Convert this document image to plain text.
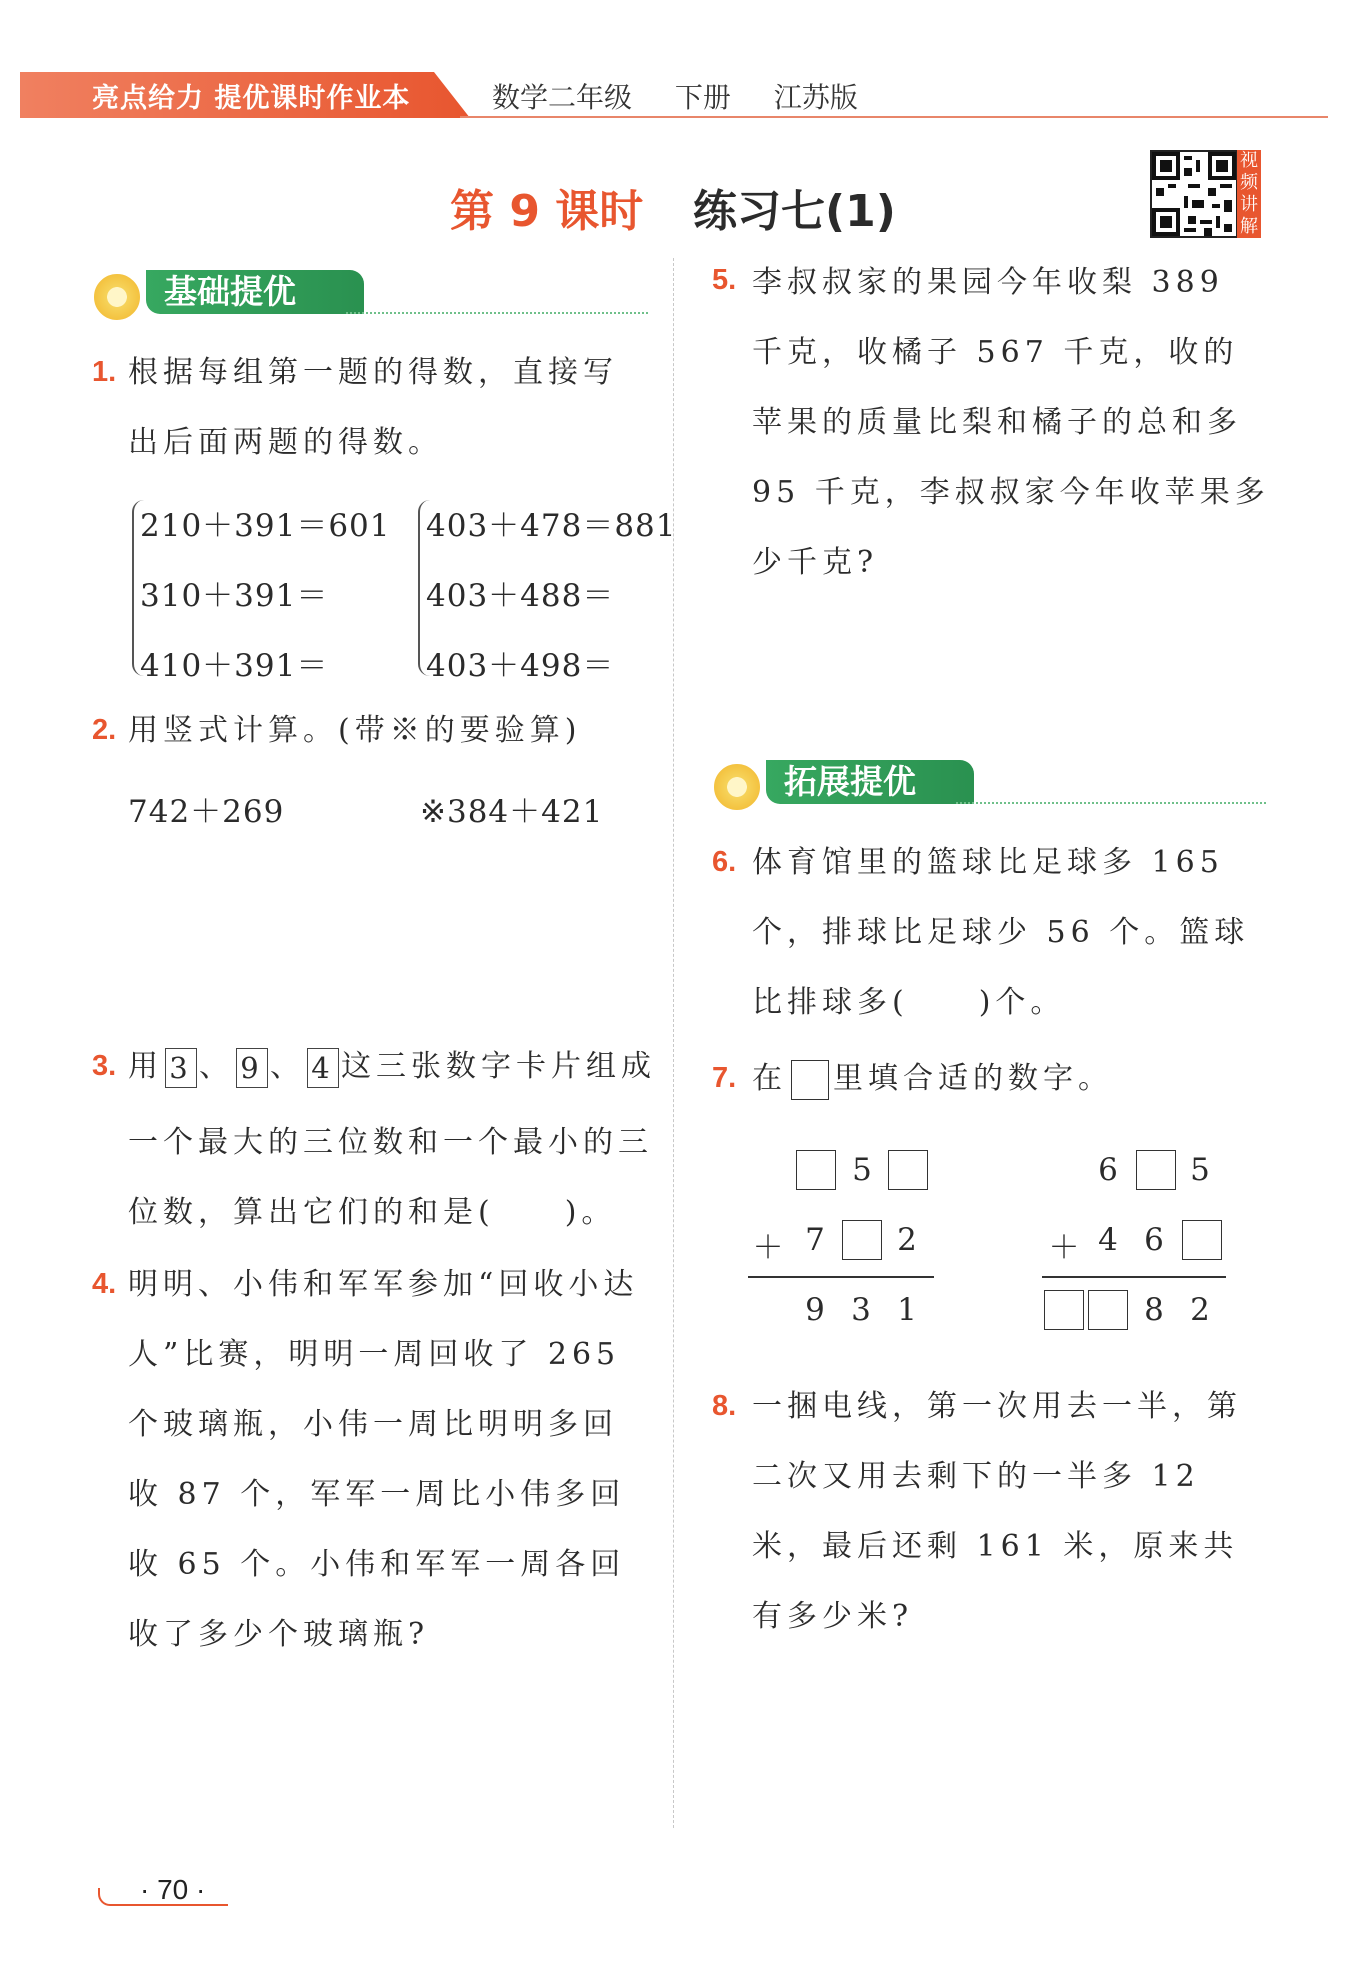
亮点给力 提优课时作业本	数学二年级 下册 江苏版
第 9 课时 练习七(1)
视频讲解
基础提优
1. 根据每组第一题的得数，直接写出后面两题的得数。
210＋391＝601
310＋391＝
410＋391＝
403＋478＝881
403＋488＝
403＋498＝
2. 用竖式计算。(带※的要验算)
742＋269	※384＋421
3. 用 3 、 9 、 4 这三张数字卡片组成
一个最大的三位数和一个最小的三
位数，算出它们的和是(　　)。
4. 明明、小伟和军军参加“回收小达人”比赛，明明一周回收了 265 个玻璃瓶，小伟一周比明明多回收 87 个，军军一周比小伟多回收 65 个。小伟和军军一周各回收了多少个玻璃瓶?
5. 李叔叔家的果园今年收梨 389 千克，收橘子 567 千克，收的苹果的质量比梨和橘子的总和多 95 千克，李叔叔家今年收苹果多少千克?
拓展提优
6. 体育馆里的篮球比足球多 165 个，排球比足球少 56 个。篮球比排球多(　　)个。
7. 在 里填合适的数字。
5
＋ 7 2
9 3 1
6 5
＋ 4 6
8 2
8. 一捆电线，第一次用去一半，第二次又用去剩下的一半多 12 米，最后还剩 161 米，原来共有多少米?
· 70 ·
